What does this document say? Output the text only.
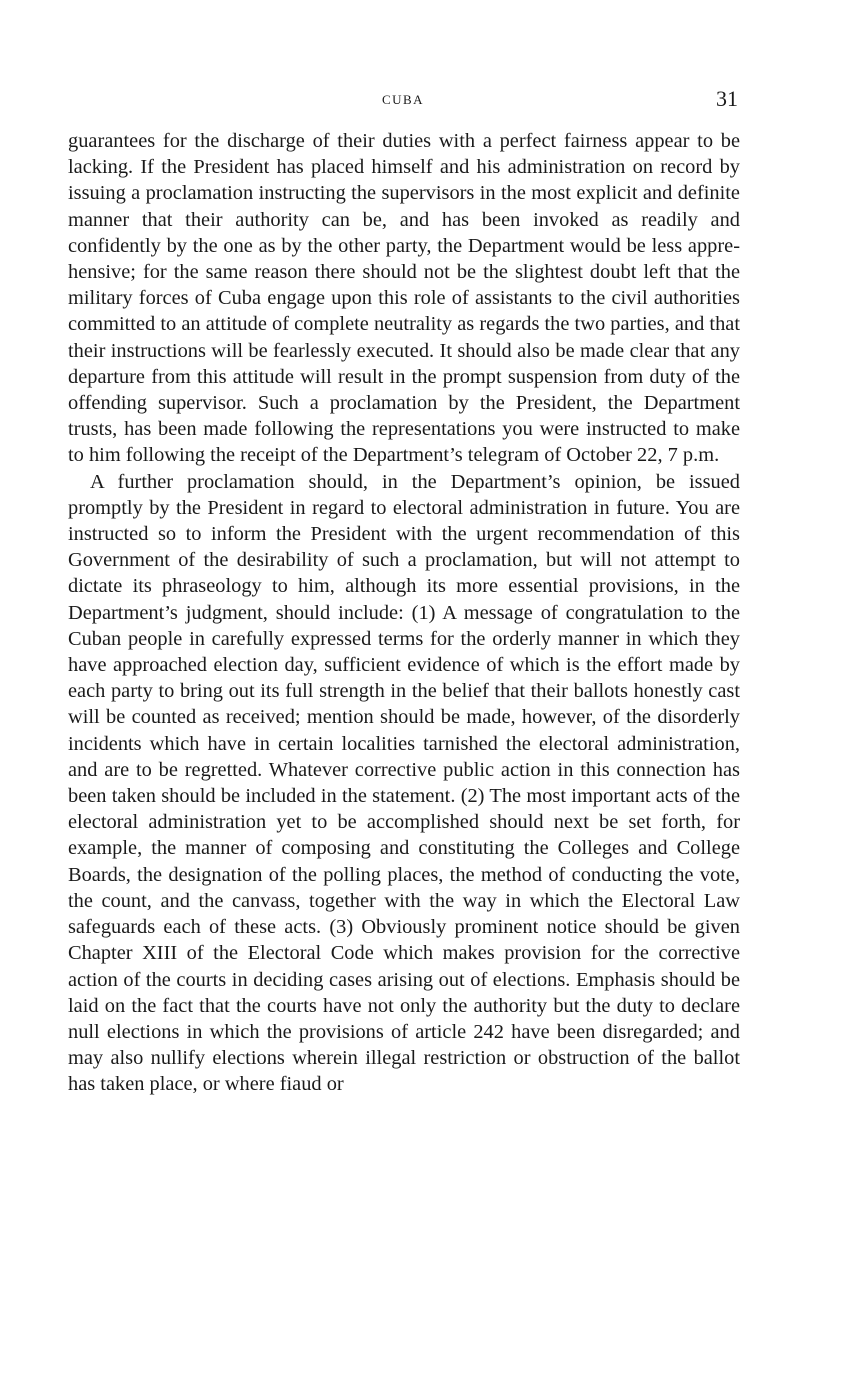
CUBA	31

guarantees for the discharge of their duties with a perfect fairness appear to be lacking. If the President has placed himself and his administration on record by issuing a proclamation instructing the supervisors in the most explicit and definite manner that their authority can be, and has been invoked as readily and confidently by the one as by the other party, the Department would be less apprehensive; for the same reason there should not be the slightest doubt left that the military forces of Cuba engage upon this role of assistants to the civil authorities committed to an attitude of complete neutrality as regards the two parties, and that their instructions will be fearlessly executed. It should also be made clear that any departure from this attitude will result in the prompt suspension from duty of the offending supervisor. Such a proclamation by the President, the Department trusts, has been made following the representations you were instructed to make to him following the receipt of the Department’s telegram of October 22, 7 p.m.

A further proclamation should, in the Department’s opinion, be issued promptly by the President in regard to electoral administration in future. You are instructed so to inform the President with the urgent recommendation of this Government of the desirability of such a proclamation, but will not attempt to dictate its phraseology to him, although its more essential provisions, in the Department’s judgment, should include: (1) A message of congratulation to the Cuban people in carefully expressed terms for the orderly manner in which they have approached election day, sufficient evidence of which is the effort made by each party to bring out its full strength in the belief that their ballots honestly cast will be counted as received; mention should be made, however, of the disorderly incidents which have in certain localities tarnished the electoral administration, and are to be regretted. Whatever corrective public action in this connection has been taken should be included in the statement. (2) The most important acts of the electoral administration yet to be accomplished should next be set forth, for example, the manner of composing and constituting the Colleges and College Boards, the designation of the polling places, the method of conducting the vote, the count, and the canvass, together with the way in which the Electoral Law safeguards each of these acts. (3) Obviously prominent notice should be given Chapter XIII of the Electoral Code which makes provision for the corrective action of the courts in deciding cases arising out of elections. Emphasis should be laid on the fact that the courts have not only the authority but the duty to declare null elections in which the provisions of article 242 have been disregarded; and may also nullify elections wherein illegal restriction or obstruction of the ballot has taken place, or where fiaud or
